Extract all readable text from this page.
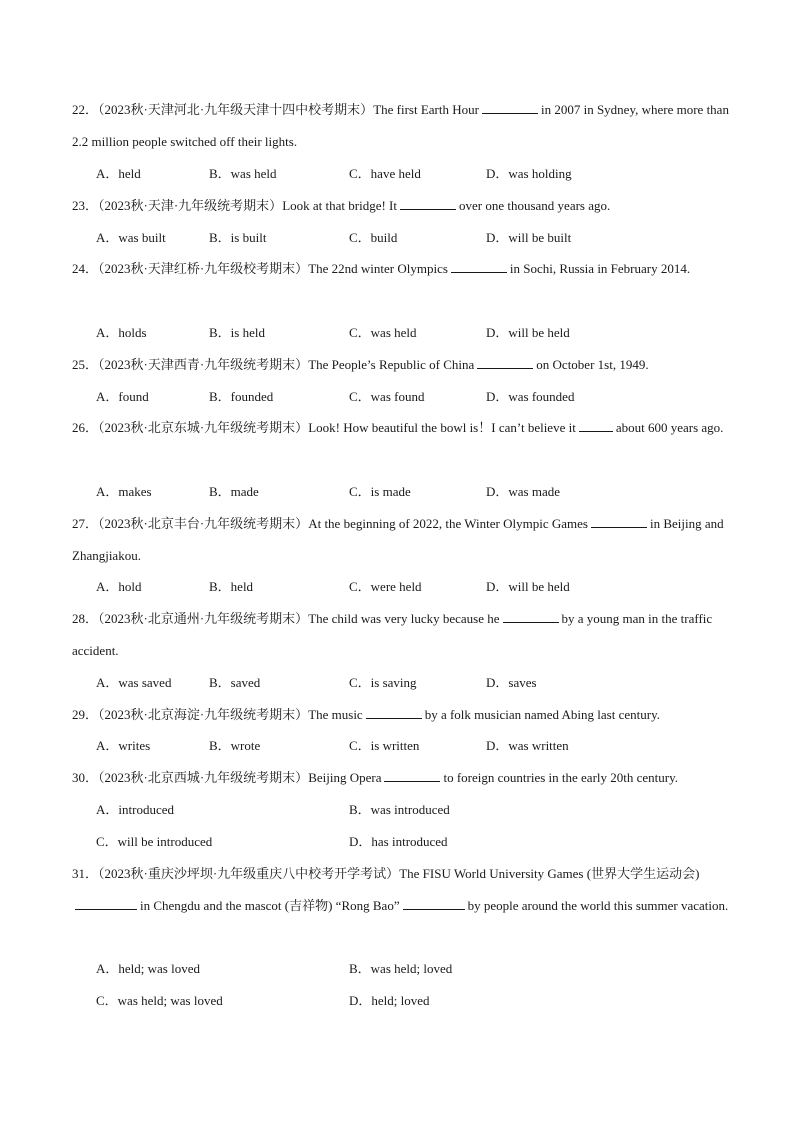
22．（2023秋·天津河北·九年级天津十四中校考期末）The first Earth Hour	in 2007 in Sydney, where more than 2.2 million people switched off their lights.

A．held	B．was held	C．have held	D．was holding

23．（2023秋·天津·九年级统考期末）Look at that bridge! It	over one thousand years ago.

A．was built	B．is built	C．build	D．will be built

24．（2023秋·天津红桥·九年级校考期末）The 22nd winter Olympics	in Sochi, Russia in February 2014.

A．holds	B．is held	C．was held	D．will be held

25．（2023秋·天津西青·九年级统考期末）The People’s Republic of China	on October 1st, 1949.

A．found	B．founded	C．was found	D．was founded

26．（2023秋·北京东城·九年级统考期末）Look! How beautiful the bowl is！I can’t believe it	about 600 years ago.

A．makes	B．made	C．is made	D．was made

27．（2023秋·北京丰台·九年级统考期末）At the beginning of 2022, the Winter Olympic Games	in Beijing and Zhangjiakou.

A．hold	B．held	C．were held	D．will be held

28．（2023秋·北京通州·九年级统考期末）The child was very lucky because he	by a young man in the traffic accident.

A．was saved	B．saved	C．is saving	D．saves

29．（2023秋·北京海淀·九年级统考期末）The music	by a folk musician named Abing last century.

A．writes	B．wrote	C．is written	D．was written

30．（2023秋·北京西城·九年级统考期末）Beijing Opera	to foreign countries in the early 20th century.

A．introduced	B．was introduced
C．will be introduced	D．has introduced

31．（2023秋·重庆沙坪坝·九年级重庆八中校考开学考试）The FISU World University Games (世界大学生运动会)in Chengdu and the mascot (吉祥物) “Rong Bao”	by people around the world this summer vacation.

A．held; was loved	B．was held; loved
C．was held; was loved	D．held; loved
